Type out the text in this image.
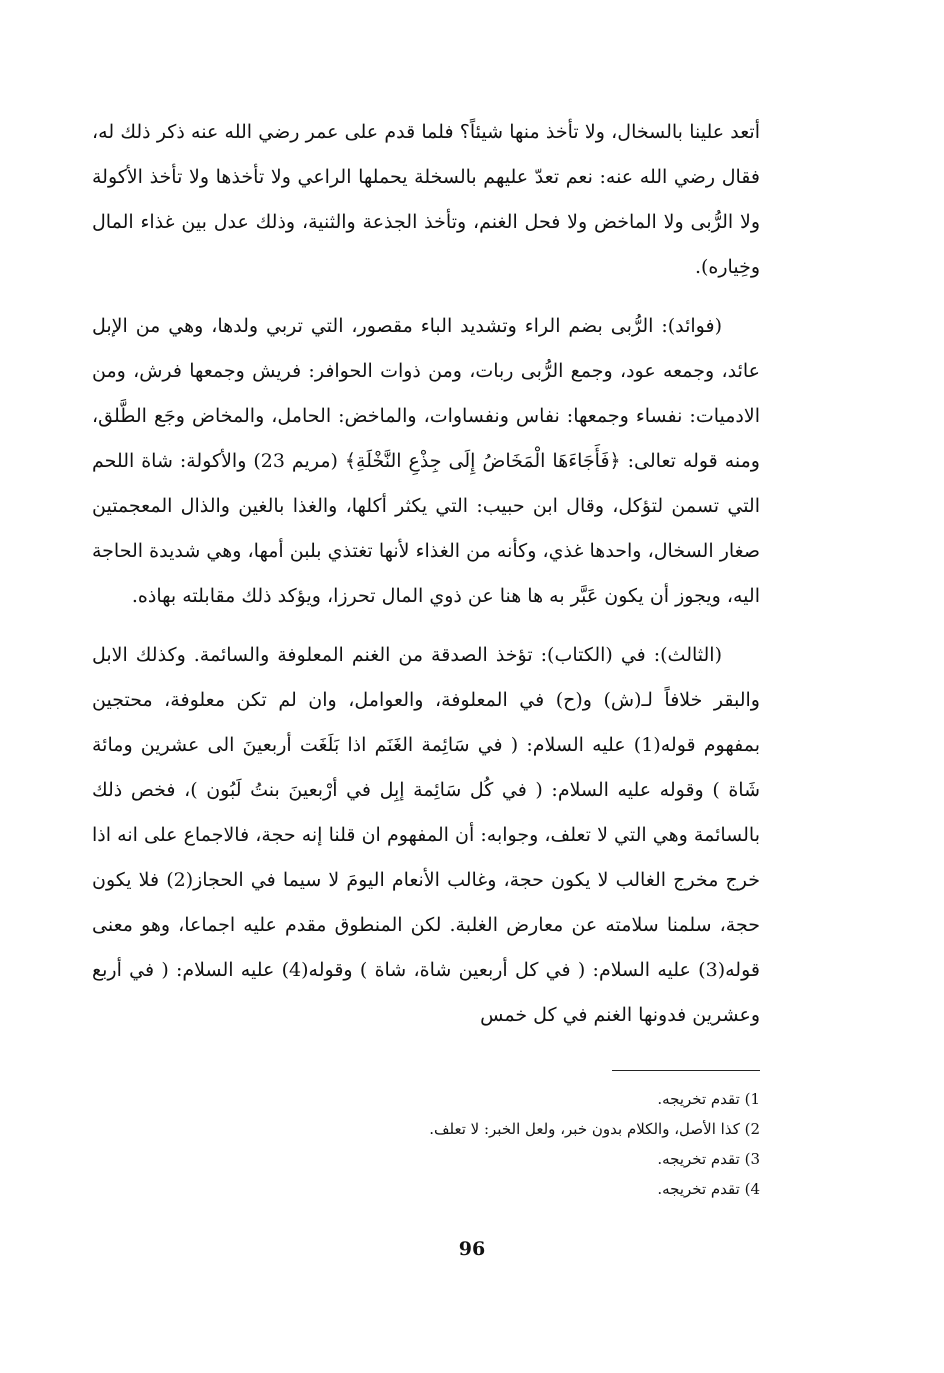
أتعد علينا بالسخال، ولا تأخذ منها شيئاً؟ فلما قدم على عمر رضي الله عنه ذكر ذلك له، فقال رضي الله عنه: نعم تعدّ عليهم بالسخلة يحملها الراعي ولا تأخذها ولا تأخذ الأكولة ولا الرُّبى ولا الماخض ولا فحل الغنم، وتأخذ الجذعة والثنية، وذلك عدل بين غذاء المال وخِياره).

(فوائد): الرُّبى بضم الراء وتشديد الباء مقصور، التي تربي ولدها، وهي من الإبل عائد، وجمعه عود، وجمع الرُّبى ربات، ومن ذوات الحوافر: فريش وجمعها فرش، ومن الادميات: نفساء وجمعها: نفاس ونفساوات، والماخض: الحامل، والمخاض وجَع الطَّلق، ومنه قوله تعالى: ﴿فَأَجَاءَهَا الْمَخَاضُ إِلَى جِذْعِ النَّخْلَةِ﴾ (مريم 23) والأكولة: شاة اللحم التي تسمن لتؤكل، وقال ابن حبيب: التي يكثر أكلها، والغذا بالغين والذال المعجمتين صغار السخال، واحدها غذي، وكأنه من الغذاء لأنها تغتذي بلبن أمها، وهي شديدة الحاجة اليه، ويجوز أن يكون عَبَّر به ها هنا عن ذوي المال تحرزا، ويؤكد ذلك مقابلته بهاذه.

(الثالث): في (الكتاب): تؤخذ الصدقة من الغنم المعلوفة والسائمة. وكذلك الابل والبقر خلافاً لـ(ش) و(ح) في المعلوفة، والعوامل، وان لم تكن معلوفة، محتجين بمفهوم قوله(1) عليه السلام: ( في سَائِمة الغَنَم اذا بَلَغَت أربعينَ الى عشرين ومائة شَاة ) وقوله عليه السلام: ( في كُل سَائِمة إبِل في أرْبعينَ بنتُ لَبُون )، فخص ذلك بالسائمة وهي التي لا تعلف، وجوابه: أن المفهوم ان قلنا إنه حجة، فالاجماع على انه اذا خرج مخرج الغالب لا يكون حجة، وغالب الأنعام اليومَ لا سيما في الحجاز(2) فلا يكون حجة، سلمنا سلامته عن معارض الغلبة. لكن المنطوق مقدم عليه اجماعا، وهو معنى قوله(3) عليه السلام: ( في كل أربعين شاة، شاة ) وقوله(4) عليه السلام: ( في أربع وعشرين فدونها الغنم في كل خمس

1) تقدم تخريجه.

2) كذا الأصل، والكلام بدون خبر، ولعل الخبر: لا تعلف.

3) تقدم تخريجه.

4) تقدم تخريجه.

96
